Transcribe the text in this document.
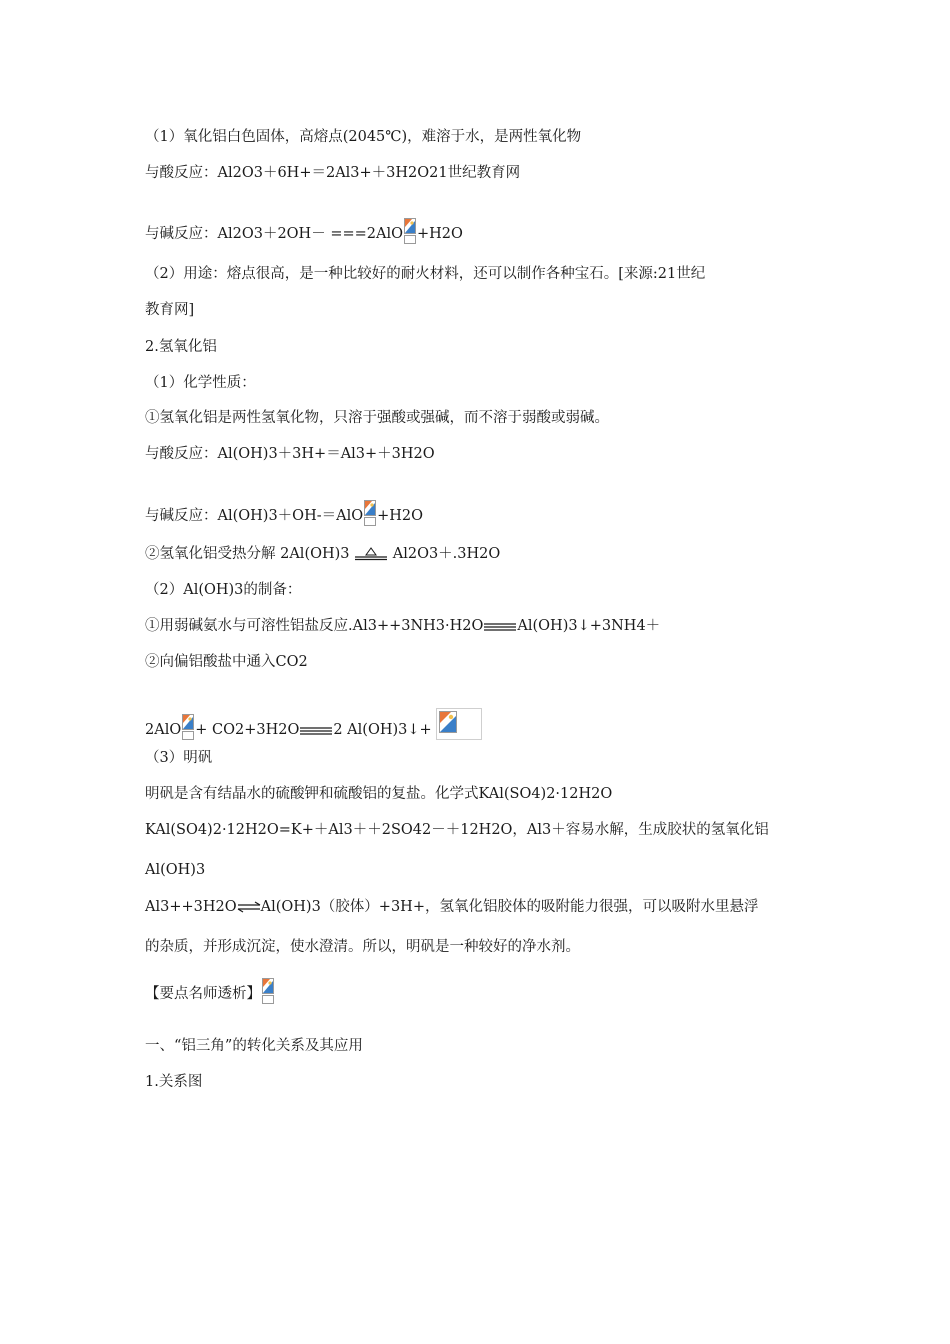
（1）氧化铝白色固体，高熔点(2045℃)，难溶于水，是两性氧化物
与酸反应：Al2O3＋6H+＝2Al3+＋3H2O21世纪教育网
与碱反应：Al2O3＋2OH－ ===2AlO +H2O
（2）用途：熔点很高，是一种比较好的耐火材料，还可以制作各种宝石。[来源:21世纪
教育网]
2.氢氧化铝
（1）化学性质：
①氢氧化铝是两性氢氧化物，只溶于强酸或强碱，而不溶于弱酸或弱碱。
与酸反应：Al(OH)3＋3H+＝Al3+＋3H2O
与碱反应：Al(OH)3＋OH-＝AlO +H2O
②氢氧化铝受热分解 2Al(OH)3	Al2O3＋.3H2O
（2）Al(OH)3的制备：
①用弱碱氨水与可溶性铝盐反应.Al3++3NH3·H2O Al(OH)3↓+3NH4＋
②向偏铝酸盐中通入CO2
2AlO + CO2+3H2O 2 Al(OH)3↓+
（3）明矾
明矾是含有结晶水的硫酸钾和硫酸铝的复盐。化学式KAl(SO4)2·12H2O
KAl(SO4)2·12H2O=K+＋Al3＋＋2SO42－＋12H2O，Al3＋容易水解，生成胶状的氢氧化铝
Al(OH)3
Al3++3H2O⇌Al(OH)3（胶体）+3H+，氢氧化铝胶体的吸附能力很强，可以吸附水里悬浮
的杂质，并形成沉淀，使水澄清。所以，明矾是一种较好的净水剂。
【要点名师透析】
一、“铝三角”的转化关系及其应用
1.关系图
